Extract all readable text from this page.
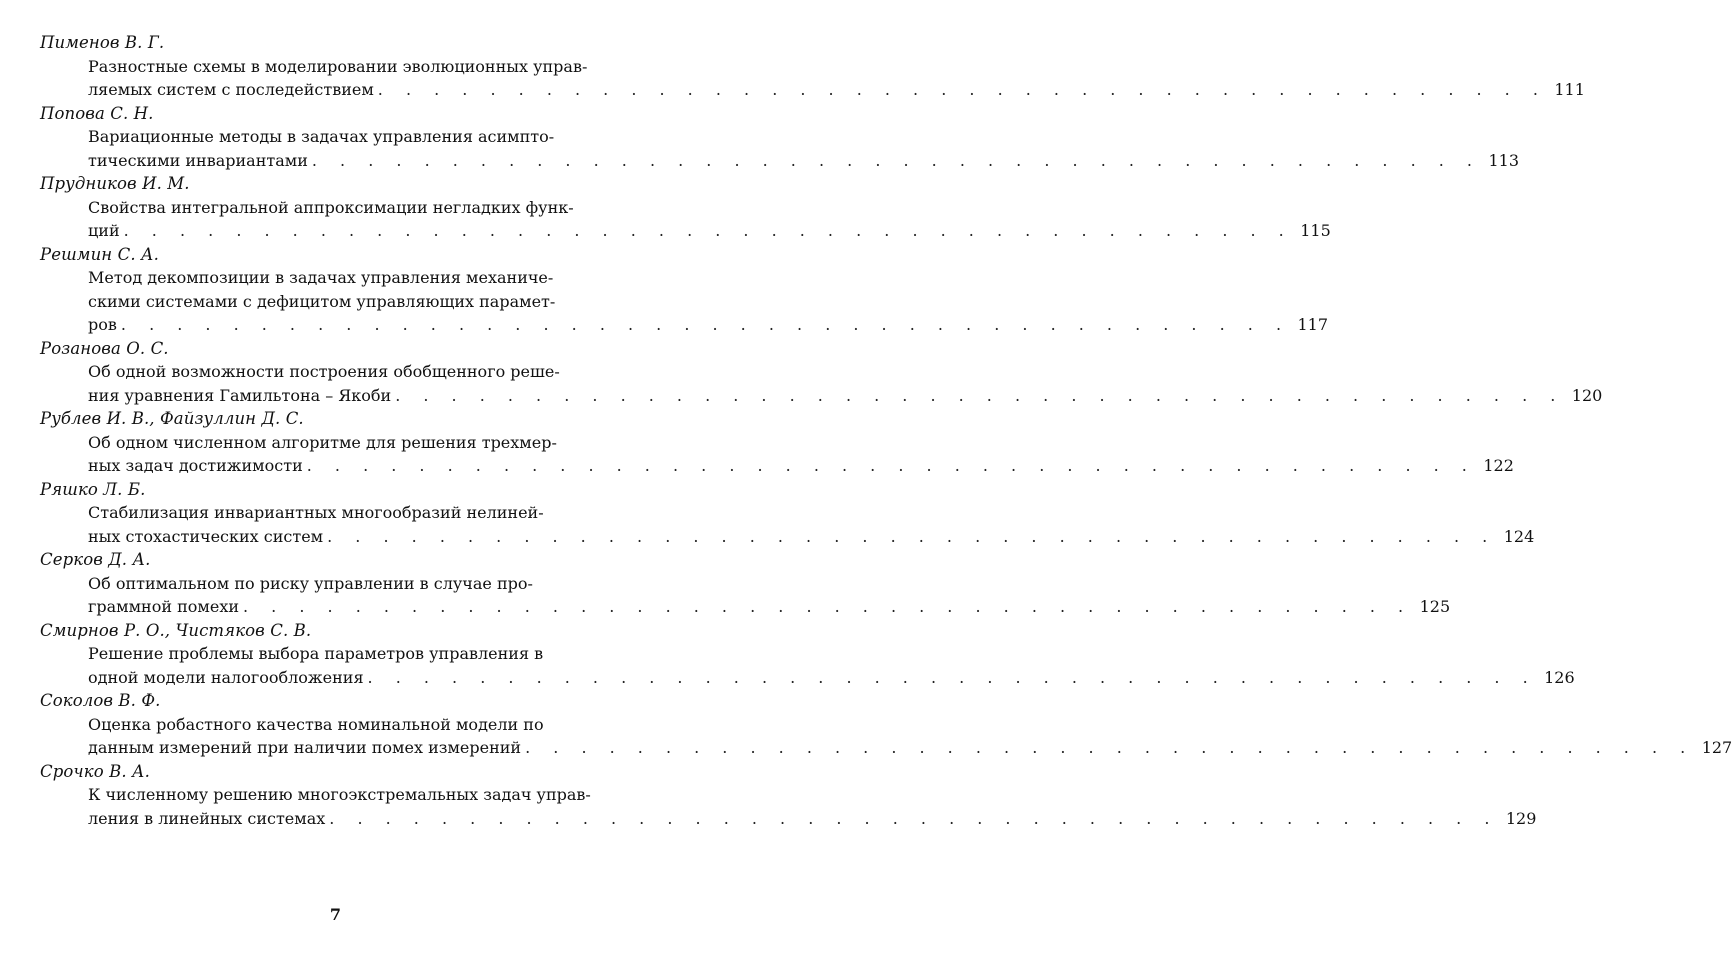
Пименов В. Г.
Разностные схемы в моделировании эволюционных управ-
ляемых систем с последействием . . . . . . . . . . . . . . . . . . . . . . . . . . . . . . . . . . . . . . . . . . 111
Попова С. Н.
Вариационные методы в задачах управления асимпто-
тическими инвариантами . . . . . . . . . . . . . . . . . . . . . . . . . . . . . . . . . . . . . . . . . . 113
Прудников И. М.
Свойства интегральной аппроксимации негладких функ-
ций . . . . . . . . . . . . . . . . . . . . . . . . . . . . . . . . . . . . . . . . . . 115
Решмин С. А.
Метод декомпозиции в задачах управления механиче-
скими системами с дефицитом управляющих парамет-
ров . . . . . . . . . . . . . . . . . . . . . . . . . . . . . . . . . . . . . . . . . . 117
Розанова О. С.
Об одной возможности построения обобщенного реше-
ния уравнения Гамильтона – Якоби . . . . . . . . . . . . . . . . . . . . . . . . . . . . . . . . . . . . . . . . . . 120
Рублев И. В., Файзуллин Д. С.
Об одном численном алгоритме для решения трехмер-
ных задач достижимости . . . . . . . . . . . . . . . . . . . . . . . . . . . . . . . . . . . . . . . . . . 122
Ряшко Л. Б.
Стабилизация инвариантных многообразий нелиней-
ных стохастических систем . . . . . . . . . . . . . . . . . . . . . . . . . . . . . . . . . . . . . . . . . . 124
Серков Д. А.
Об оптимальном по риску управлении в случае про-
граммной помехи . . . . . . . . . . . . . . . . . . . . . . . . . . . . . . . . . . . . . . . . . . 125
Смирнов Р. О., Чистяков С. В.
Решение проблемы выбора параметров управления в
одной модели налогообложения . . . . . . . . . . . . . . . . . . . . . . . . . . . . . . . . . . . . . . . . . . 126
Соколов В. Ф.
Оценка робастного качества номинальной модели по
данным измерений при наличии помех измерений . . . . . . . . . . . . . . . . . . . . . . . . . . . . . . . . . . . . . . . . . . 127
Срочко В. А.
К численному решению многоэкстремальных задач управ-
ления в линейных системах . . . . . . . . . . . . . . . . . . . . . . . . . . . . . . . . . . . . . . . . . . 129
7
